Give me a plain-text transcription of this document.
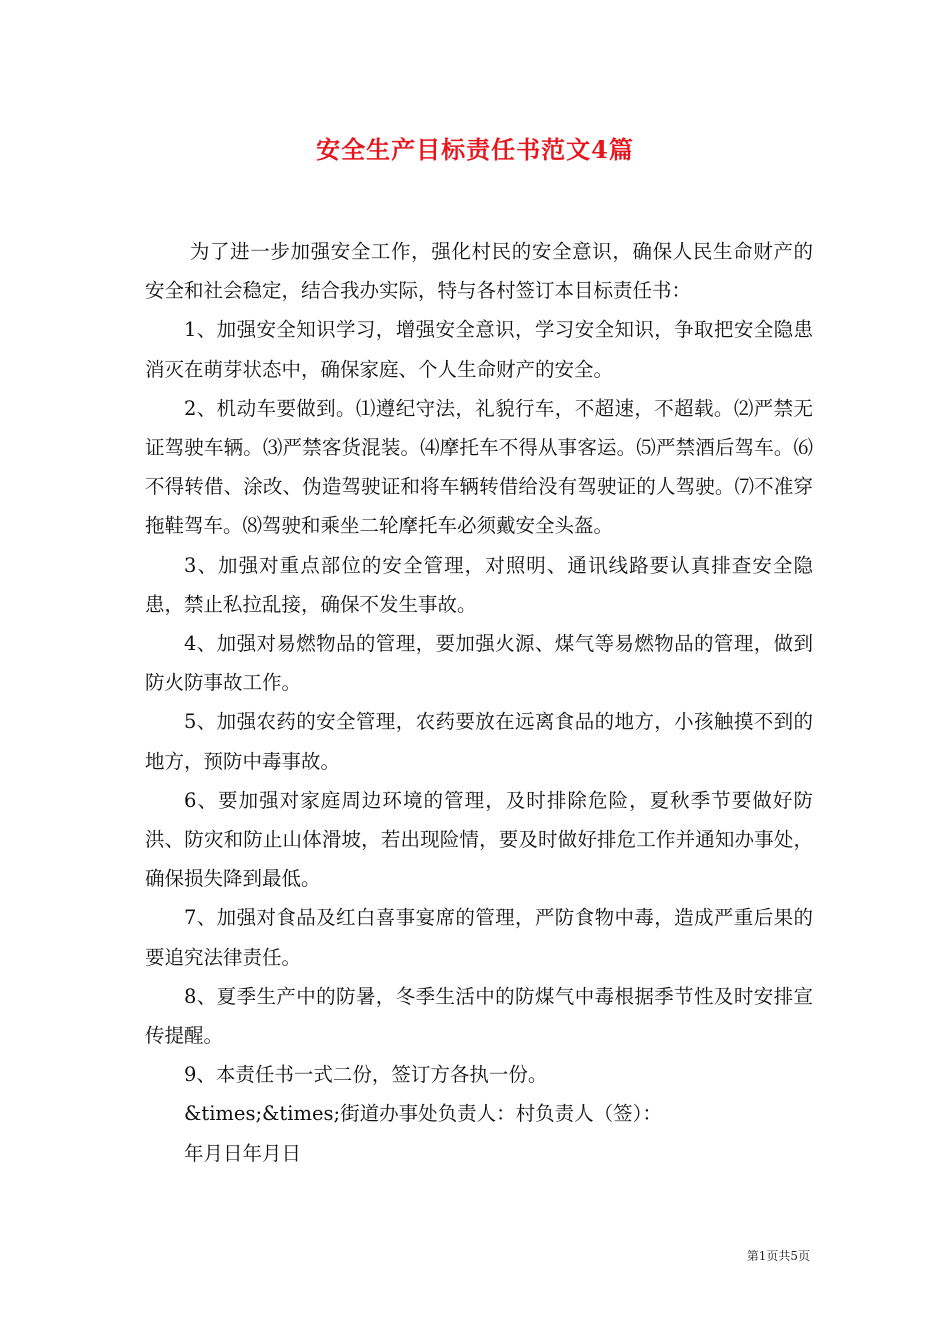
安全生产目标责任书范文4篇

为了进一步加强安全工作，强化村民的安全意识，确保人民生命财产的安全和社会稳定，结合我办实际，特与各村签订本目标责任书：

1、加强安全知识学习，增强安全意识，学习安全知识，争取把安全隐患消灭在萌芽状态中，确保家庭、个人生命财产的安全。

2、机动车要做到。⑴遵纪守法，礼貌行车，不超速，不超载。⑵严禁无证驾驶车辆。⑶严禁客货混装。⑷摩托车不得从事客运。⑸严禁酒后驾车。⑹不得转借、涂改、伪造驾驶证和将车辆转借给没有驾驶证的人驾驶。⑺不准穿拖鞋驾车。⑻驾驶和乘坐二轮摩托车必须戴安全头盔。

3、加强对重点部位的安全管理，对照明、通讯线路要认真排查安全隐患，禁止私拉乱接，确保不发生事故。

4、加强对易燃物品的管理，要加强火源、煤气等易燃物品的管理，做到防火防事故工作。

5、加强农药的安全管理，农药要放在远离食品的地方，小孩触摸不到的地方，预防中毒事故。

6、要加强对家庭周边环境的管理，及时排除危险，夏秋季节要做好防洪、防灾和防止山体滑坡，若出现险情，要及时做好排危工作并通知办事处，确保损失降到最低。

7、加强对食品及红白喜事宴席的管理，严防食物中毒，造成严重后果的要追究法律责任。

8、夏季生产中的防暑，冬季生活中的防煤气中毒根据季节性及时安排宣传提醒。

9、本责任书一式二份，签订方各执一份。

&times;&times;街道办事处负责人：村负责人（签）：

年月日年月日

第1页共5页
